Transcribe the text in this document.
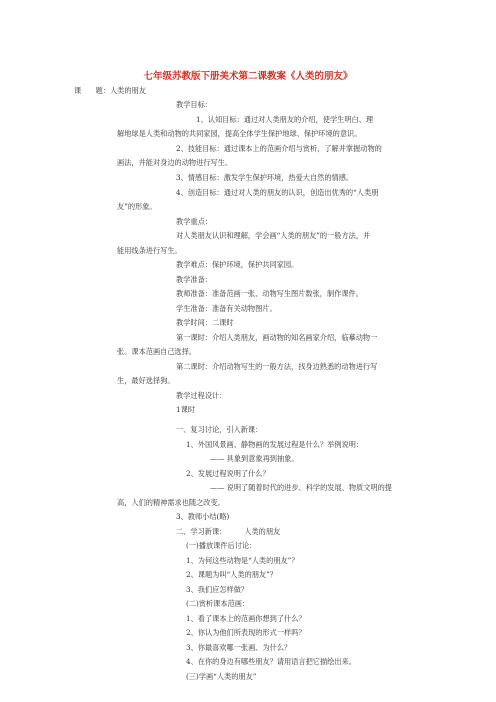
七年级苏教版下册美术第二课教案《人类的朋友》
课　　题：人类的朋友
教学目标：
1、认知目标：通过对人类朋友的介绍，使学生明白、理
解地球是人类和动物的共同家园，提高全体学生保护地球、保护环境的意识。
2、技能目标：通过课本上的范画介绍与赏析，了解并掌握动物的
画法，并能对身边的动物进行写生。
3、情感目标：激发学生保护环境，热爱大自然的情感。
4、创造目标：通过对人类的朋友的认识，创造出优秀的“人类朋
友”的形象。
教学重点：
对人类朋友认识和理解，学会画“人类的朋友”的一般方法，并
能用线条进行写生。
教学难点：保护环境，保护共同家园。
教学准备：
教师准备：准备范画一张、动物写生图片数张，制作课件。
学生准备：准备有关动物图片。
教学时间：二课时
第一课时：介绍人类朋友，画动物的知名画家介绍，临摹动物一
张。课本范画自己选择。
第二课时：介绍动物写生的一般方法，找身边熟悉的动物进行写
生，最好选择狗。
教学过程设计：
1课时
一、复习讨论，引入新课：
1、外国风景画、静物画的发展过程是什么？举例说明：
—— 具象到意象再到抽象。
2、发展过程说明了什么？
—— 说明了随着时代的进步、科学的发展、物质文明的提
高，人们的精神需求也随之改变。
3、教师小结(略)
二、学习新课：　　　人类的朋友
(一)播放课件后讨论：
1、为何这些动物是“人类的朋友”？
2、课题为叫“人类的朋友”？
3、我们应怎样做？
(二)赏析课本范画：
1、看了课本上的范画你想到了什么？
2、你认为他们所表现的形式一样吗？
3、你最喜欢哪一张画、为什么？
4、在你的身边有哪些朋友？请用语言把它描绘出来。
(三)学画“人类的朋友”
